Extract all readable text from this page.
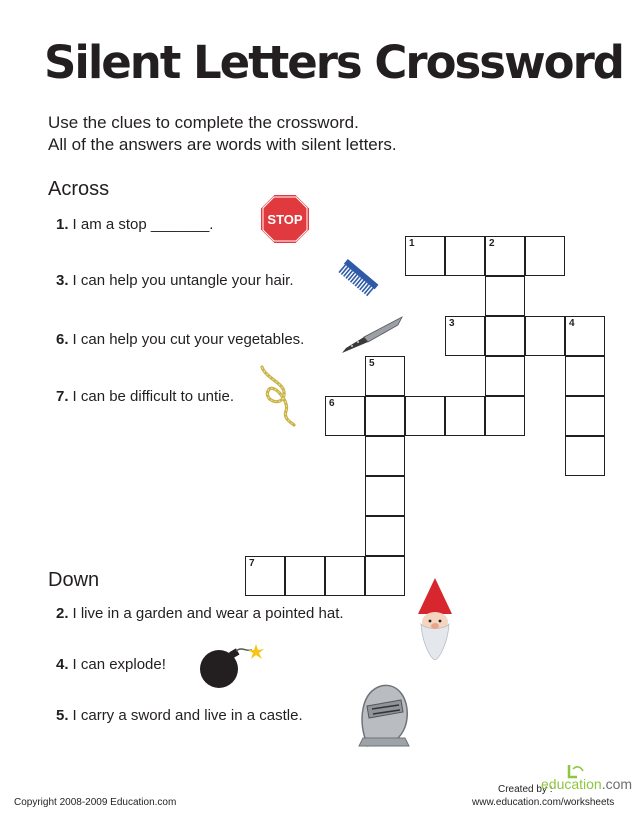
Silent Letters Crossword
Use the clues to complete the crossword.
All of the answers are words with silent letters.
Across
1. I am a stop _______.
3. I can help you untangle your hair.
6. I can help you cut your vegetables.
7. I can be difficult to untie.
Down
2. I live in a garden and wear a pointed hat.
4. I can explode!
5. I carry a sword and live in a castle.
STOP
1	2
3	4
5
6
7
Copyright 2008-2009 Education.com
Created by :
education.com
www.education.com/worksheets
